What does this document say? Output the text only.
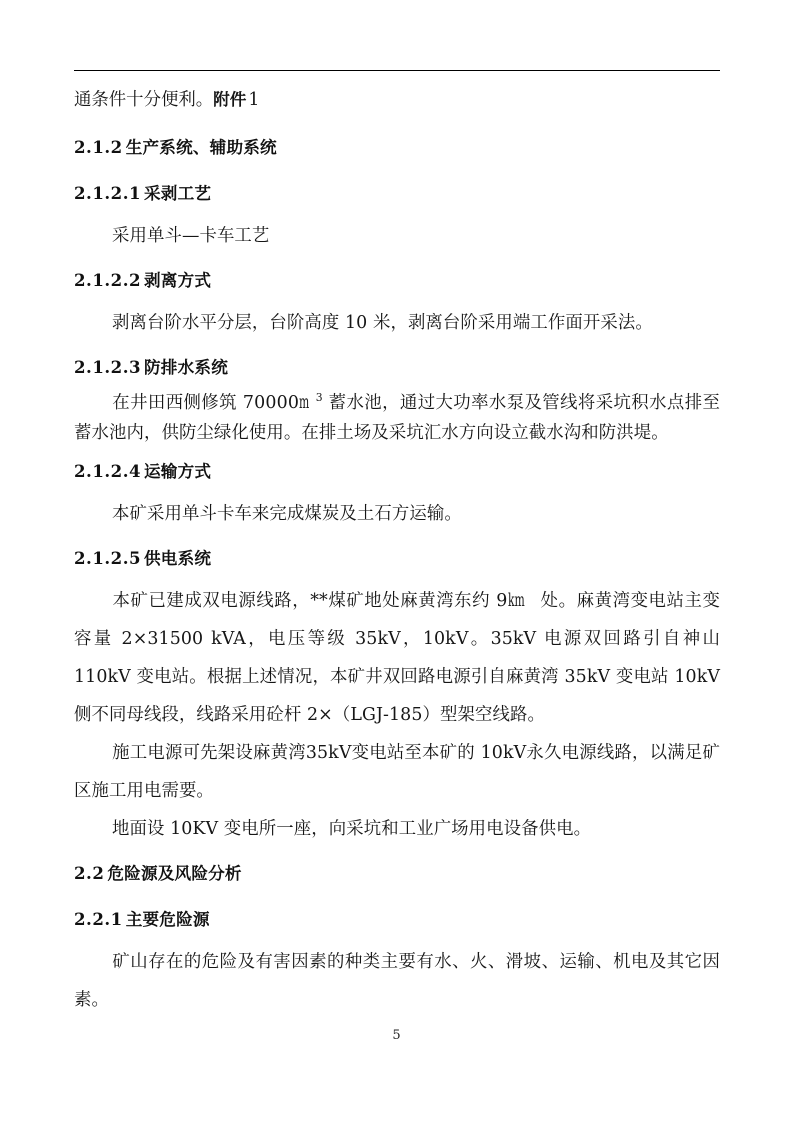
通条件十分便利。附件 1

2.1.2 生产系统、辅助系统
2.1.2.1 采剥工艺

采用单斗—卡车工艺

2.1.2.2 剥离方式

剥离台阶水平分层，台阶高度 10 米，剥离台阶采用端工作面开采法。

2.1.2.3 防排水系统

在井田西侧修筑 70000m $^3$ 蓄水池，通过大功率水泵及管线将采坑积水点排至蓄水池内，供防尘绿化使用。在排土场及采坑汇水方向设立截水沟和防洪堤。

2.1.2.4 运输方式

本矿采用单斗卡车来完成煤炭及土石方运输。

2.1.2.5 供电系统

本矿已建成双电源线路，**煤矿地处麻黄湾东约 9km 处。麻黄湾变电站主变容量 2×31500 kVA，电压等级 35kV，10kV。35kV 电源双回路引自神山 110kV 变电站。根据上述情况，本矿井双回路电源引自麻黄湾 35kV 变电站 10kV 侧不同母线段，线路采用砼杆 2×（LGJ-185）型架空线路。

施工电源可先架设麻黄湾35kV变电站至本矿的 10kV永久电源线路，以满足矿区施工用电需要。

地面设 10KV 变电所一座，向采坑和工业广场用电设备供电。

2.2 危险源及风险分析
2.2.1 主要危险源

矿山存在的危险及有害因素的种类主要有水、火、滑坡、运输、机电及其它因素。

5
